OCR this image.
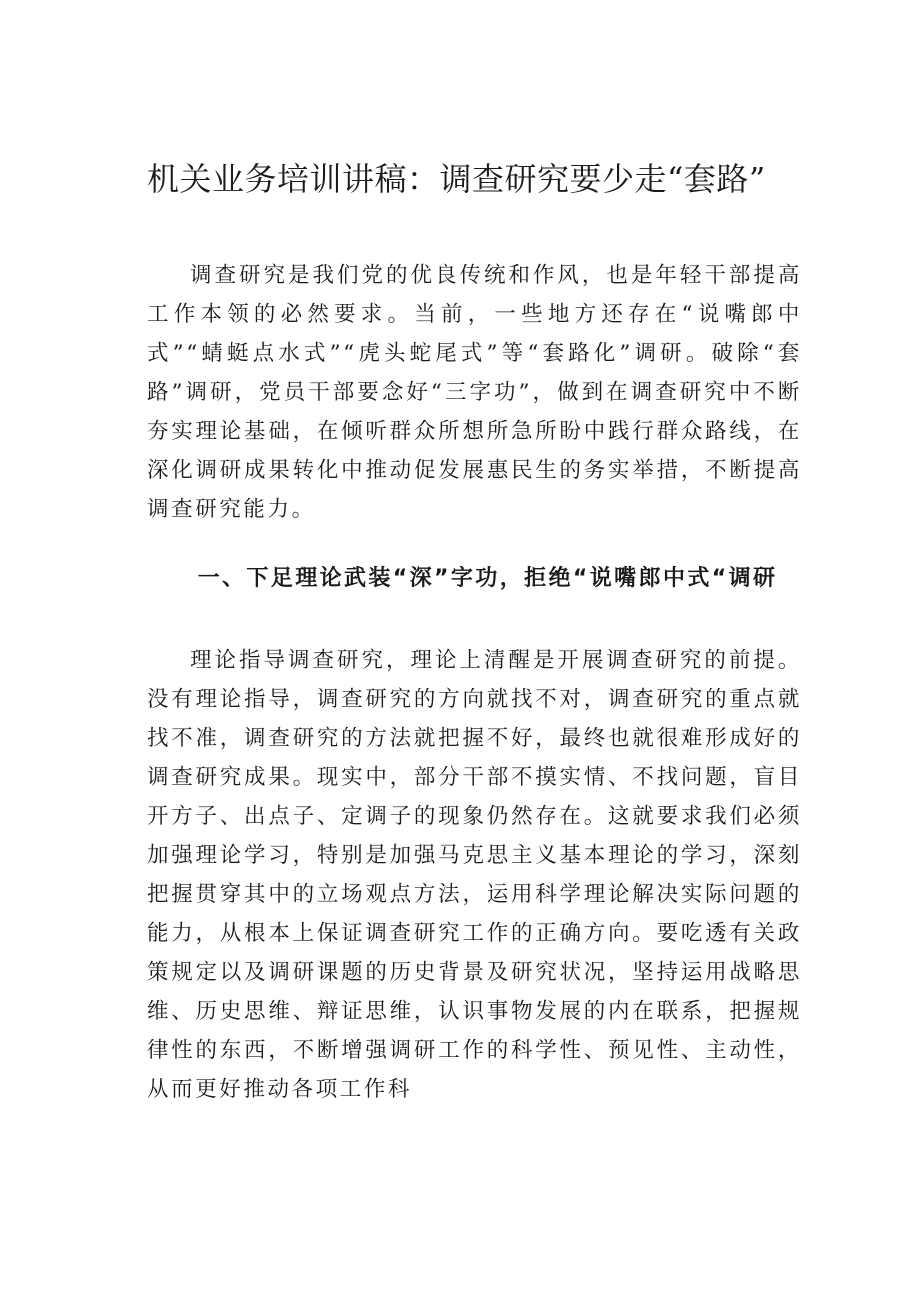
机关业务培训讲稿：调查研究要少走“套路”

调查研究是我们党的优良传统和作风，也是年轻干部提高工作本领的必然要求。当前，一些地方还存在“说嘴郎中式”“蜻蜓点水式”“虎头蛇尾式”等“套路化”调研。破除“套路”调研，党员干部要念好“三字功”，做到在调查研究中不断夯实理论基础，在倾听群众所想所急所盼中践行群众路线，在深化调研成果转化中推动促发展惠民生的务实举措，不断提高调查研究能力。

一、下足理论武装“深”字功，拒绝“说嘴郎中式“调研

理论指导调查研究，理论上清醒是开展调查研究的前提。没有理论指导，调查研究的方向就找不对，调查研究的重点就找不准，调查研究的方法就把握不好，最终也就很难形成好的调查研究成果。现实中，部分干部不摸实情、不找问题，盲目开方子、出点子、定调子的现象仍然存在。这就要求我们必须加强理论学习，特别是加强马克思主义基本理论的学习，深刻把握贯穿其中的立场观点方法，运用科学理论解决实际问题的能力，从根本上保证调查研究工作的正确方向。要吃透有关政策规定以及调研课题的历史背景及研究状况，坚持运用战略思维、历史思维、辩证思维，认识事物发展的内在联系，把握规律性的东西，不断增强调研工作的科学性、预见性、主动性，从而更好推动各项工作科
